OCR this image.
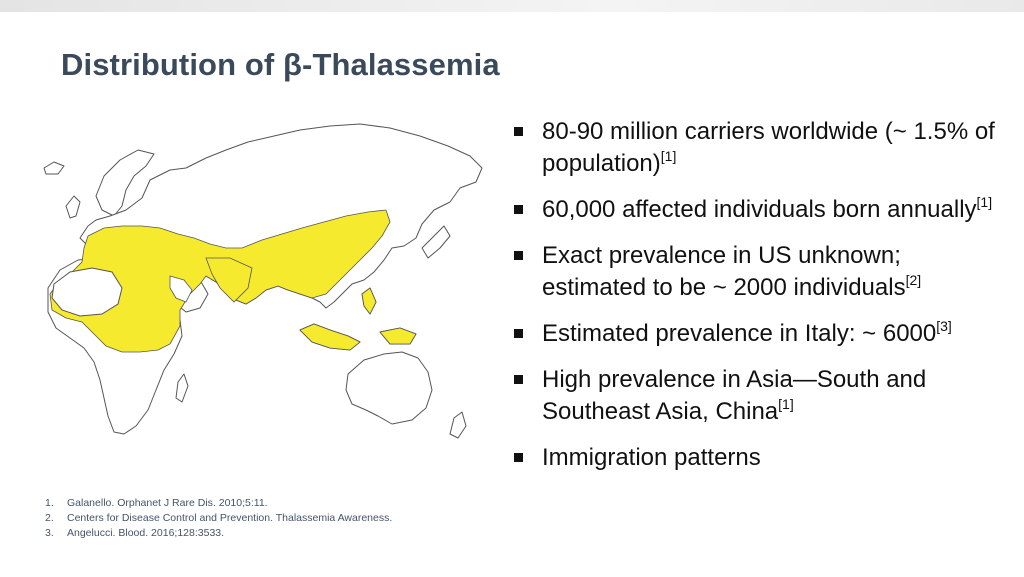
Distribution of β-Thalassemia
80-90 million carriers worldwide (~ 1.5% of population)[1]
60,000 affected individuals born annually[1]
Exact prevalence in US unknown; estimated to be ~ 2000 individuals[2]
Estimated prevalence in Italy: ~ 6000[3]
High prevalence in Asia—South and Southeast Asia, China[1]
Immigration patterns
1. Galanello. Orphanet J Rare Dis. 2010;5:11.
2. Centers for Disease Control and Prevention. Thalassemia Awareness.
3. Angelucci. Blood. 2016;128:3533.
